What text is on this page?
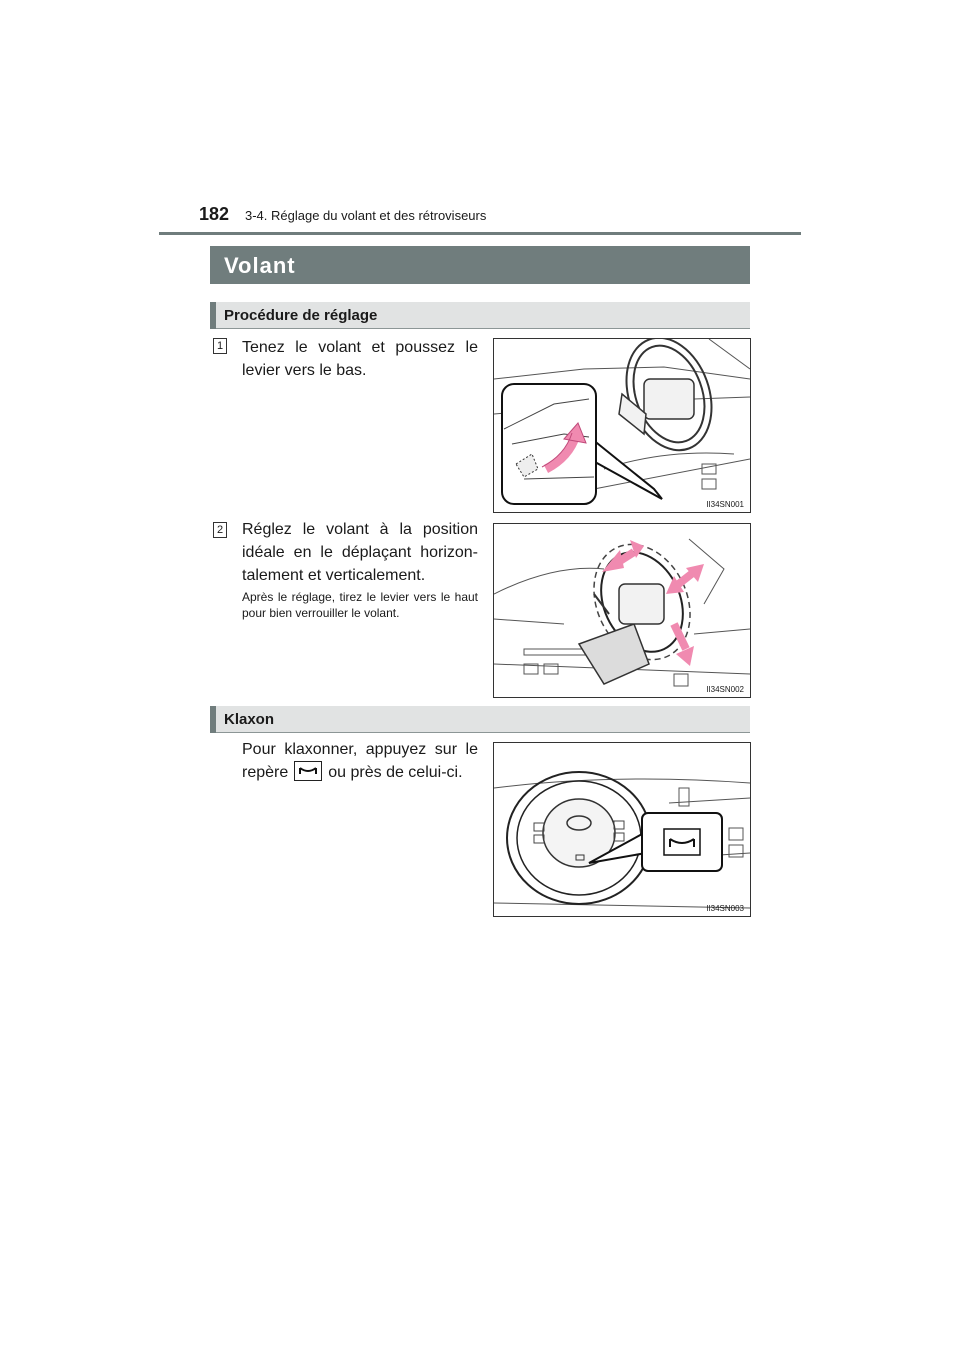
182 3-4. Réglage du volant et des rétroviseurs
Volant
Procédure de réglage
1 Tenez le volant et poussez le levier vers le bas.
II34SN001
2 Réglez le volant à la position idéale en le déplaçant horizon-talement et verticalement.
Après le réglage, tirez le levier vers le haut pour bien verrouiller le volant.
II34SN002
Klaxon
Pour klaxonner, appuyez sur le repère	ou près de celui-ci.
II34SN003
